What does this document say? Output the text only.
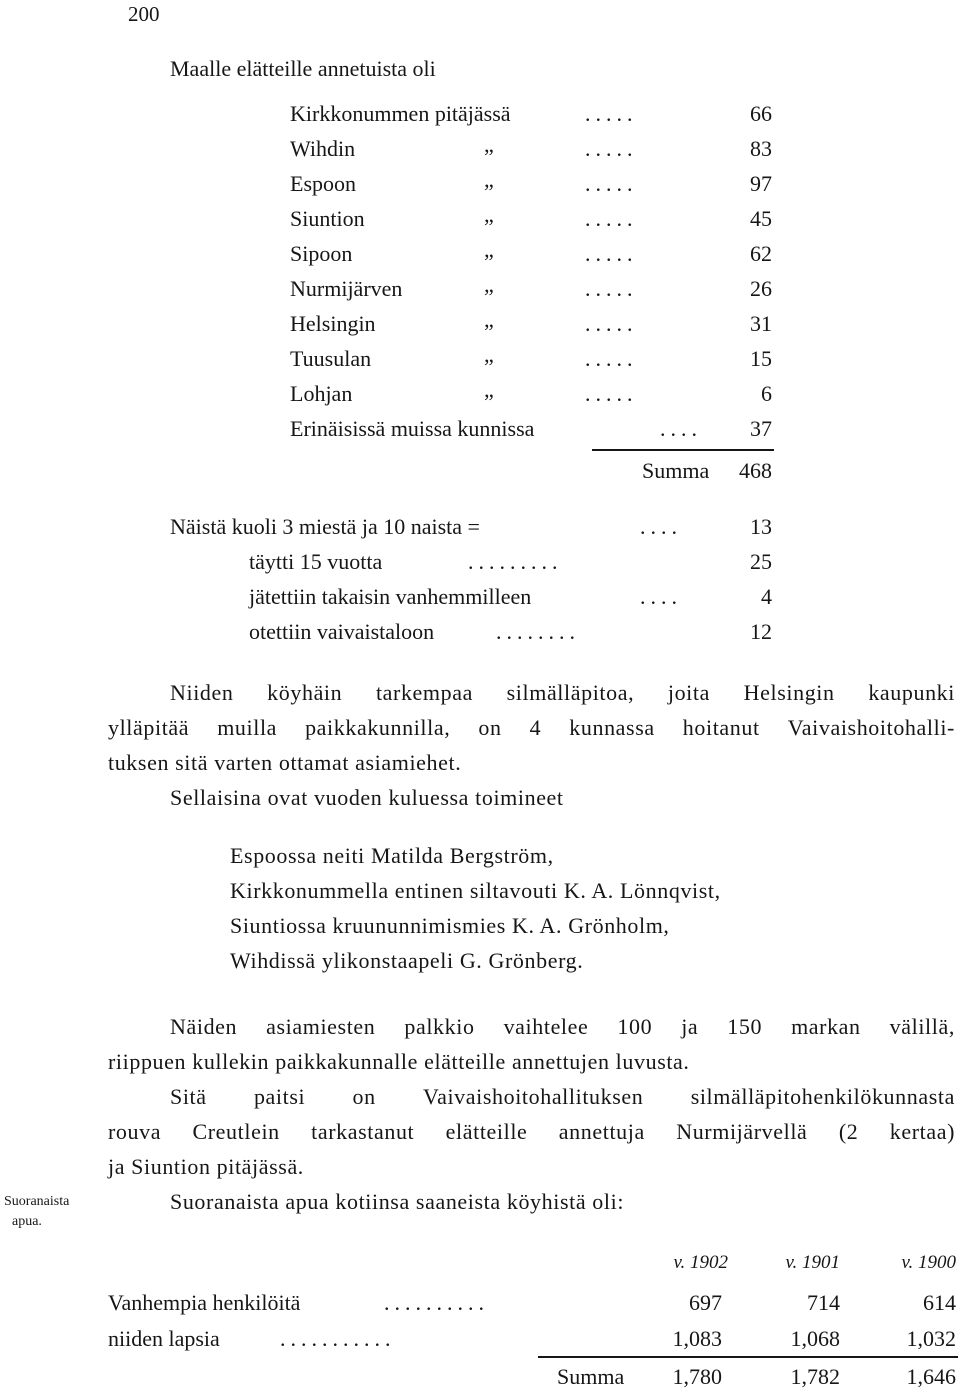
200
Maalle elätteille annetuista oli
Kirkkonummen pitäjässä	.....	66
Wihdin	„	.....	83
Espoon	„	.....	97
Siuntion	„	.....	45
Sipoon	„	.....	62
Nurmijärven	„	.....	26
Helsingin	„	.....	31
Tuusulan	„	.....	15
Lohjan	„	.....	6
Erinäisissä muissa kunnissa	.... 37
Summa 468
Näistä kuoli 3 miestä ja 10 naista =	....	13
täytti 15 vuotta	.........	25
jätettiin takaisin vanhemmilleen	....	4
otettiin vaivaistaloon	........	12
Niiden köyhäin tarkempaa silmälläpitoa, joita Helsingin kaupunki
ylläpitää muilla paikkakunnilla, on 4 kunnassa hoitanut Vaivaishoitohalli-
tuksen sitä varten ottamat asiamiehet.
Sellaisina ovat vuoden kuluessa toimineet
Espoossa neiti Matilda Bergström,
Kirkkonummella entinen siltavouti K. A. Lönnqvist,
Siuntiossa kruununnimismies K. A. Grönholm,
Wihdissä ylikonstaapeli G. Grönberg.
Näiden asiamiesten palkkio vaihtelee 100 ja 150 markan välillä,
riippuen kullekin paikkakunnalle elätteille annettujen luvusta.
Sitä paitsi on Vaivaishoitohallituksen silmälläpitohenkilökunnasta
rouva Creutlein tarkastanut elätteille annettuja Nurmijärvellä (2 kertaa)
ja Siuntion pitäjässä.
Suoranaista apua kotiinsa saaneista köyhistä oli:
Suoranaista
apua.
v. 1902	v. 1901	v. 1900
Vanhempia henkilöitä	..........	697	714	614
niiden lapsia	...........	1,083	1,068	1,032
Summa 1,780	1,782	1,646
